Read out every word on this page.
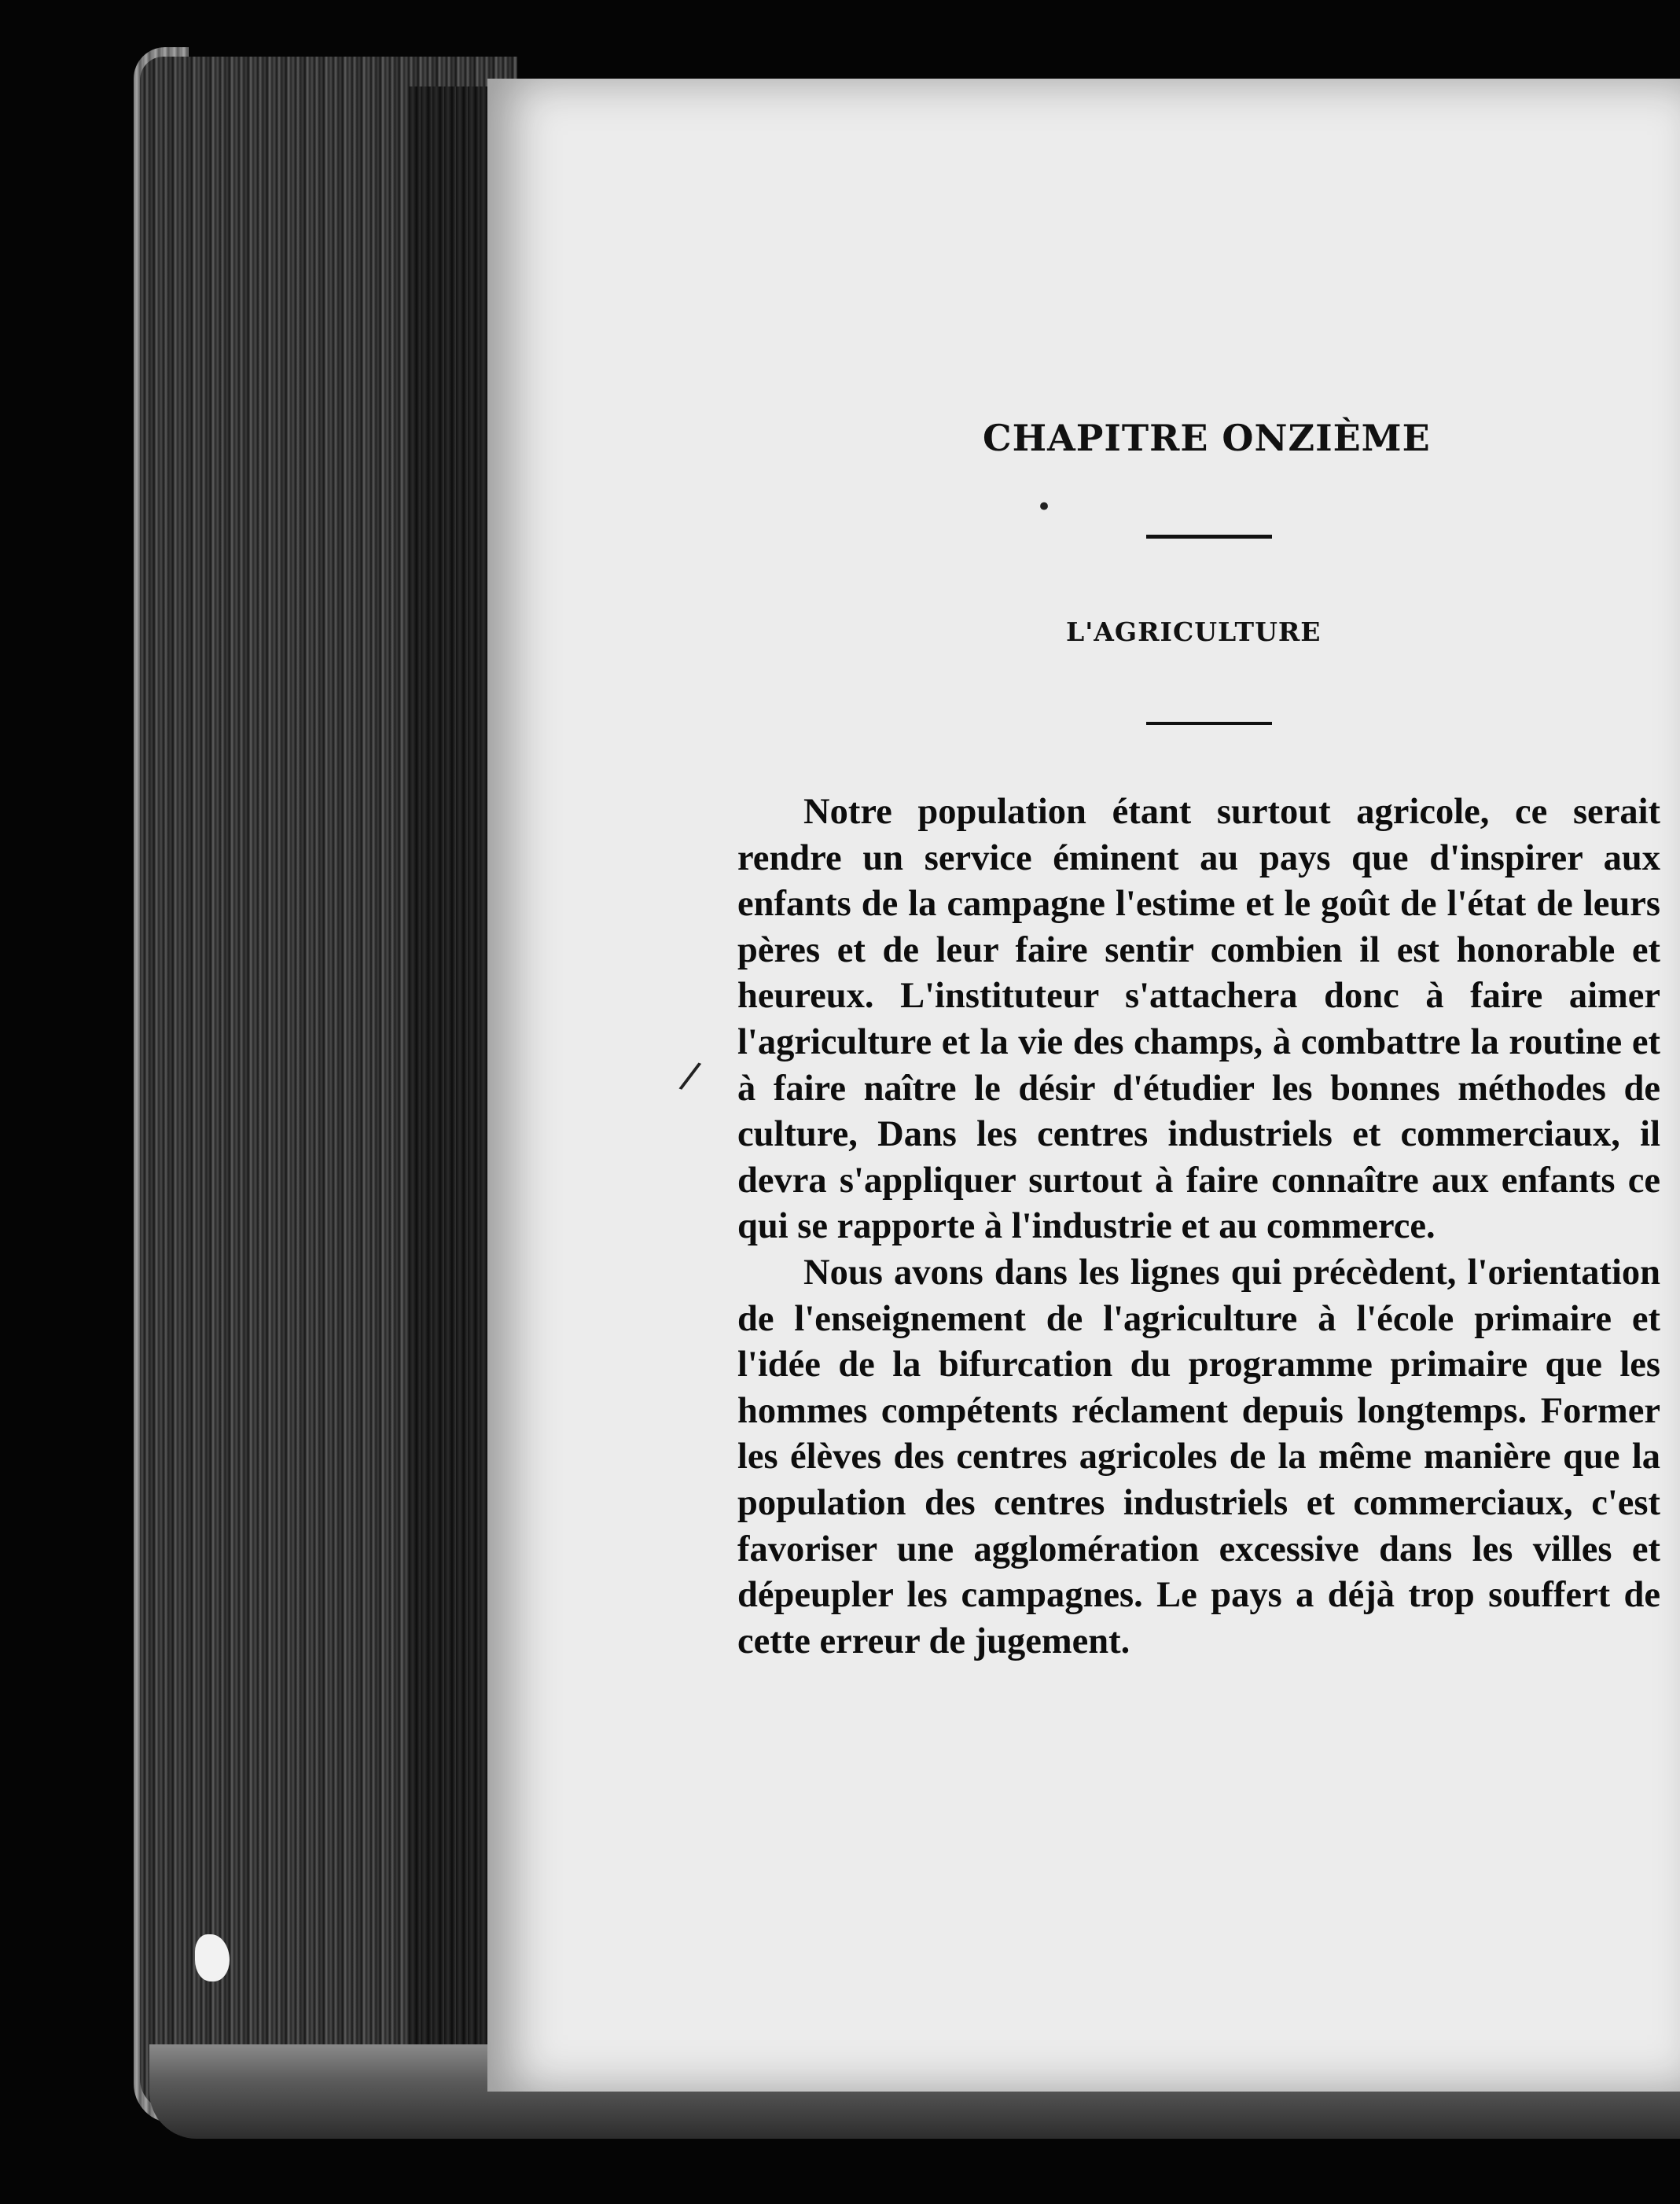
CHAPITRE ONZIÈME
•
L'AGRICULTURE
/

Notre population étant surtout agricole, ce serait rendre un service éminent au pays que d'inspirer aux enfants de la campagne l'estime et le goût de l'état de leurs pères et de leur faire sentir combien il est honorable et heureux. L'instituteur s'attachera donc à faire aimer l'agriculture et la vie des champs, à combattre la routine et à faire naître le désir d'étudier les bonnes méthodes de culture, Dans les centres industriels et commerciaux, il devra s'appliquer surtout à faire connaître aux enfants ce qui se rapporte à l'industrie et au commerce.

Nous avons dans les lignes qui précèdent, l'orientation de l'enseignement de l'agriculture à l'école primaire et l'idée de la bifurcation du programme primaire que les hommes compétents réclament depuis longtemps. Former les élèves des centres agricoles de la même manière que la population des centres industriels et commerciaux, c'est favoriser une agglomération excessive dans les villes et dépeupler les campagnes. Le pays a déjà trop souffert de cette erreur de jugement.
